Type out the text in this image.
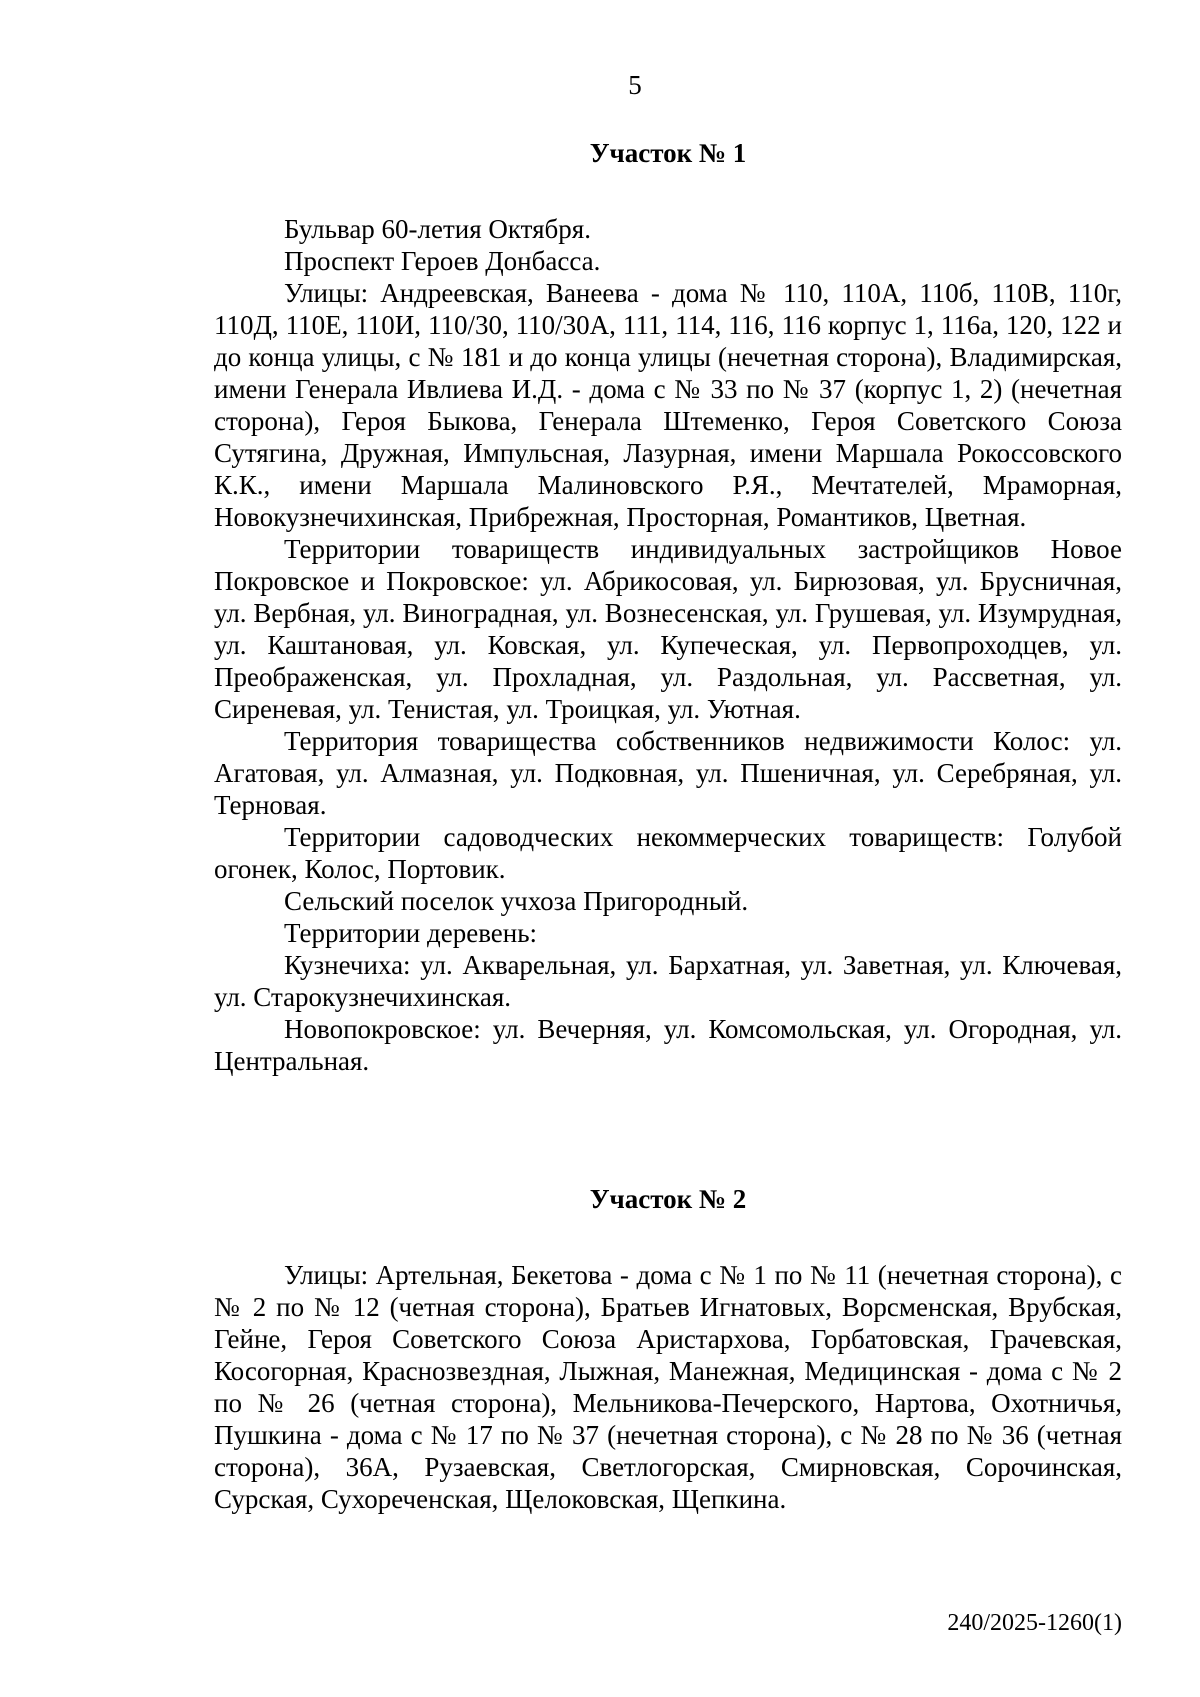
5
Участок № 1

Бульвар 60-летия Октября.

Проспект Героев Донбасса.

Улицы: Андреевская, Ванеева - дома № 110, 110А, 110б, 110В, 110г, 110Д, 110Е, 110И, 110/30, 110/30А, 111, 114, 116, 116 корпус 1, 116а, 120, 122 и до конца улицы, с № 181 и до конца улицы (нечетная сторона), Владимирская, имени Генерала Ивлиева И.Д. - дома с № 33 по № 37 (корпус 1, 2) (нечетная сторона), Героя Быкова, Генерала Штеменко, Героя Советского Союза Сутягина, Дружная, Импульсная, Лазурная, имени Маршала Рокоссовского К.К., имени Маршала Малиновского Р.Я., Мечтателей, Мраморная, Новокузнечихинская, Прибрежная, Просторная, Романтиков, Цветная.

Территории товариществ индивидуальных застройщиков Новое Покровское и Покровское: ул. Абрикосовая, ул. Бирюзовая, ул. Брусничная, ул. Вербная, ул. Виноградная, ул. Вознесенская, ул. Грушевая, ул. Изумрудная, ул. Каштановая, ул. Ковская, ул. Купеческая, ул. Первопроходцев, ул. Преображенская, ул. Прохладная, ул. Раздольная, ул. Рассветная, ул. Сиреневая, ул. Тенистая, ул. Троицкая, ул. Уютная.

Территория товарищества собственников недвижимости Колос: ул. Агатовая, ул. Алмазная, ул. Подковная, ул. Пшеничная, ул. Серебряная, ул. Терновая.

Территории садоводческих некоммерческих товариществ: Голубой огонек, Колос, Портовик.

Сельский поселок учхоза Пригородный.

Территории деревень:

Кузнечиха: ул. Акварельная, ул. Бархатная, ул. Заветная, ул. Ключевая, ул. Старокузнечихинская.

Новопокровское: ул. Вечерняя, ул. Комсомольская, ул. Огородная, ул. Центральная.

Участок № 2

Улицы: Артельная, Бекетова - дома с № 1 по № 11 (нечетная сторона), с № 2 по № 12 (четная сторона), Братьев Игнатовых, Ворсменская, Врубская, Гейне, Героя Советского Союза Аристархова, Горбатовская, Грачевская, Косогорная, Краснозвездная, Лыжная, Манежная, Медицинская - дома с № 2 по № 26 (четная сторона), Мельникова-Печерского, Нартова, Охотничья, Пушкина - дома с № 17 по № 37 (нечетная сторона), с № 28 по № 36 (четная сторона), 36А, Рузаевская, Светлогорская, Смирновская, Сорочинская, Сурская, Сухореченская, Щелоковская, Щепкина.

240/2025-1260(1)
